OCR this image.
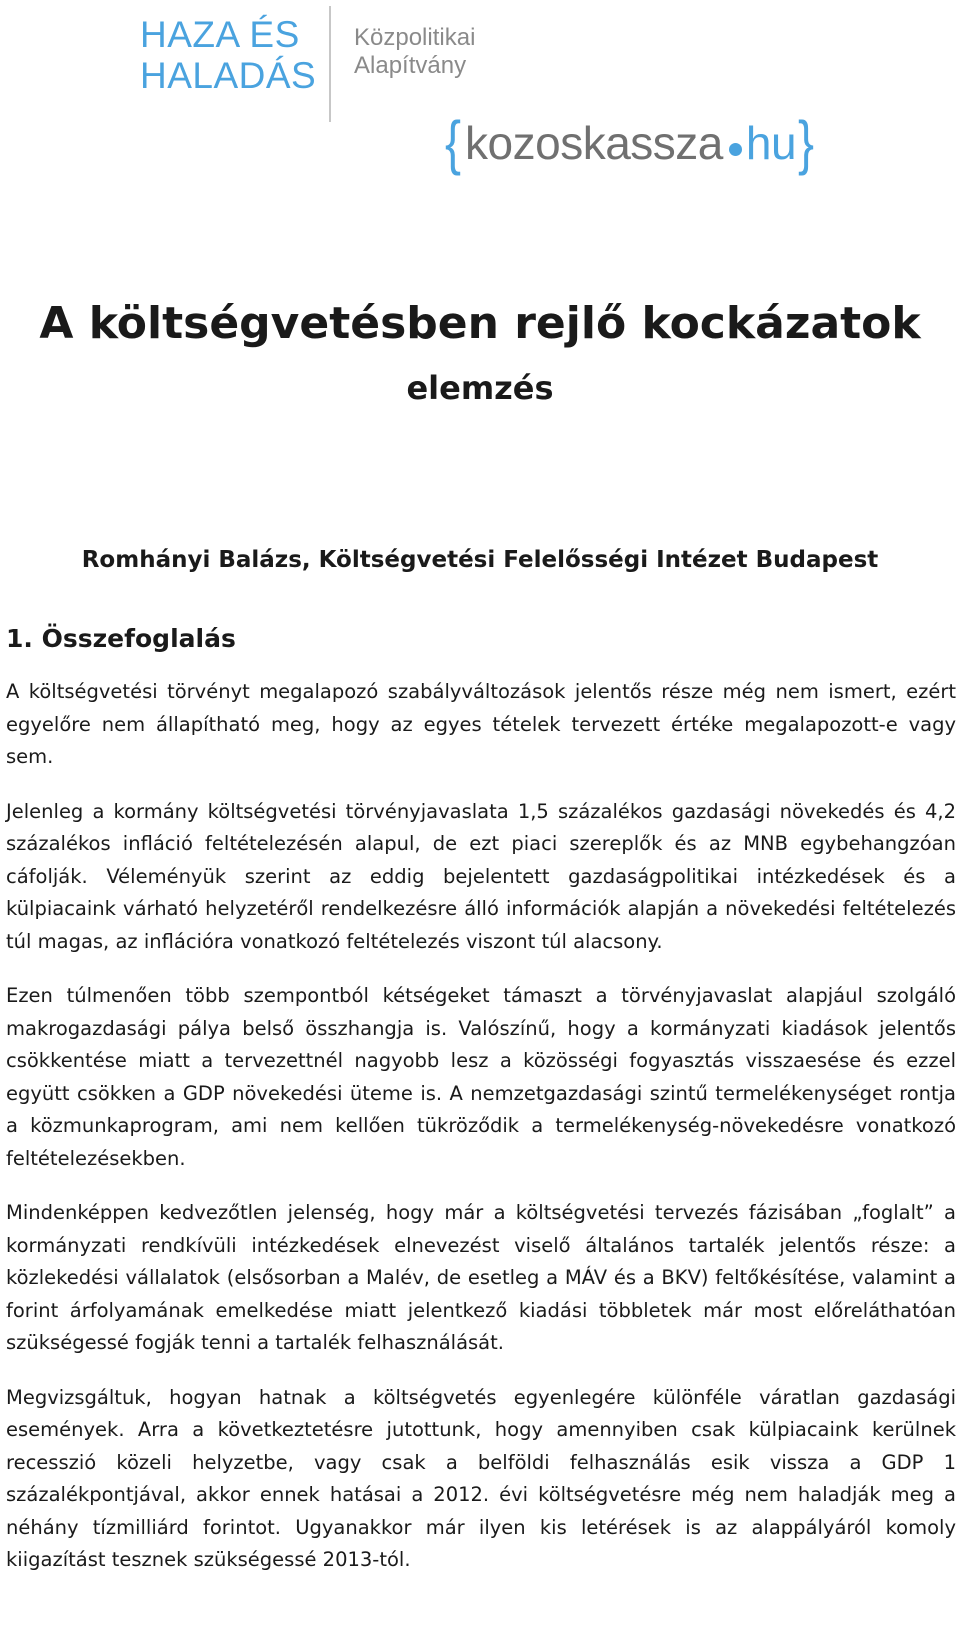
HAZA ÉS
HALADÁS
Közpolitikai
Alapítvány
{ kozoskassza hu }
A költségvetésben rejlő kockázatok
elemzés

Romhányi Balázs, Költségvetési Felelősségi Intézet Budapest

1. Összefoglalás

A költségvetési törvényt megalapozó szabályváltozások jelentős része még nem ismert, ezért egyelőre nem állapítható meg, hogy az egyes tételek tervezett értéke megalapozott-e vagy sem.

Jelenleg a kormány költségvetési törvényjavaslata 1,5 százalékos gazdasági növekedés és 4,2 százalékos infláció feltételezésén alapul, de ezt piaci szereplők és az MNB egybehangzóan cáfolják. Véleményük szerint az eddig bejelentett gazdaságpolitikai intézkedések és a külpiacaink várható helyzetéről rendelkezésre álló információk alapján a növekedési feltételezés túl magas, az inflációra vonatkozó feltételezés viszont túl alacsony.

Ezen túlmenően több szempontból kétségeket támaszt a törvényjavaslat alapjául szolgáló makrogazdasági pálya belső összhangja is. Valószínű, hogy a kormányzati kiadások jelentős csökkentése miatt a tervezettnél nagyobb lesz a közösségi fogyasztás visszaesése és ezzel együtt csökken a GDP növekedési üteme is. A nemzetgazdasági szintű termelékenységet rontja a közmunkaprogram, ami nem kellően tükröződik a termelékenység-növekedésre vonatkozó feltételezésekben.

Mindenképpen kedvezőtlen jelenség, hogy már a költségvetési tervezés fázisában „foglalt” a kormányzati rendkívüli intézkedések elnevezést viselő általános tartalék jelentős része: a közlekedési vállalatok (elsősorban a Malév, de esetleg a MÁV és a BKV) feltőkésítése, valamint a forint árfolyamának emelkedése miatt jelentkező kiadási többletek már most előreláthatóan szükségessé fogják tenni a tartalék felhasználását.

Megvizsgáltuk, hogyan hatnak a költségvetés egyenlegére különféle váratlan gazdasági események. Arra a következtetésre jutottunk, hogy amennyiben csak külpiacaink kerülnek recesszió közeli helyzetbe, vagy csak a belföldi felhasználás esik vissza a GDP 1 százalékpontjával, akkor ennek hatásai a 2012. évi költségvetésre még nem haladják meg a néhány tízmilliárd forintot. Ugyanakkor már ilyen kis letérések is az alappályáról komoly kiigazítást tesznek szükségessé 2013-tól.
